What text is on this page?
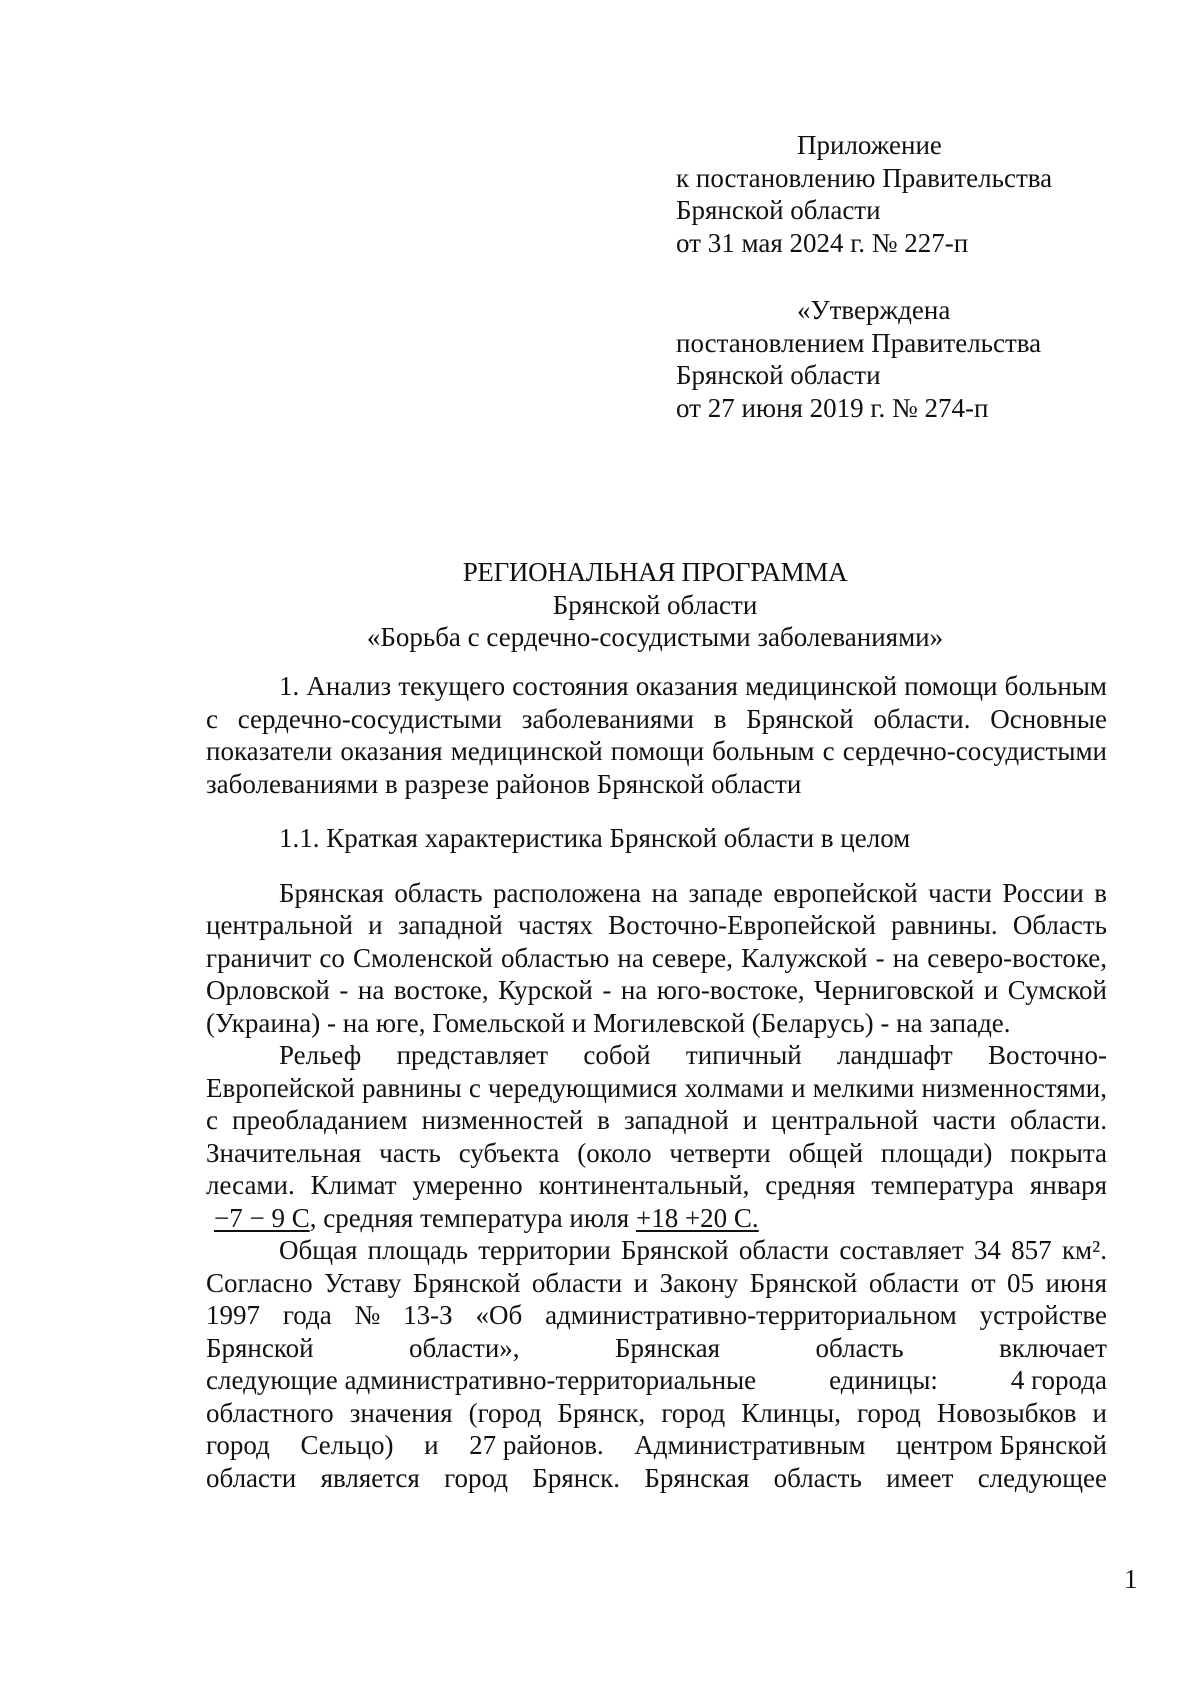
Приложение
к постановлению Правительства
Брянской области
от 31 мая 2024 г. № 227-п
«Утверждена
постановлением Правительства
Брянской области
от 27 июня 2019 г. № 274-п
РЕГИОНАЛЬНАЯ ПРОГРАММА
Брянской области
«Борьба с сердечно-сосудистыми заболеваниями»
1. Анализ текущего состояния оказания медицинской помощи больным
с сердечно-сосудистыми заболеваниями в Брянской области. Основные
показатели оказания медицинской помощи больным с сердечно-сосудистыми
заболеваниями в разрезе районов Брянской области
1.1. Краткая характеристика Брянской области в целом
Брянская область расположена на западе европейской части России в
центральной и западной частях Восточно-Европейской равнины. Область
граничит со Смоленской областью на севере, Калужской - на северо-востоке,
Орловской - на востоке, Курской - на юго-востоке, Черниговской и Сумской
(Украина) - на юге, Гомельской и Могилевской (Беларусь) - на западе.
Рельеф представляет собой типичный ландшафт Восточно-
Европейской равнины с чередующимися холмами и мелкими низменностями,
с преобладанием низменностей в западной и центральной части области.
Значительная часть субъекта (около четверти общей площади) покрыта
лесами. Климат умеренно континентальный, средняя температура января
−7 − 9 С, средняя температура июля +18 +20 С.
Общая площадь территории Брянской области составляет 34 857 км².
Согласно Уставу Брянской области и Закону Брянской области от 05 июня
1997 года № 13-З «Об административно-территориальном устройстве
Брянской	области»,	Брянская	область	включает
следующие административно-территориальные	единицы:	4 города
областного значения (город Брянск, город Клинцы, город Новозыбков и
город Сельцо) и 27 районов. Административным центром Брянской
области является город Брянск. Брянская область имеет следующее
1
